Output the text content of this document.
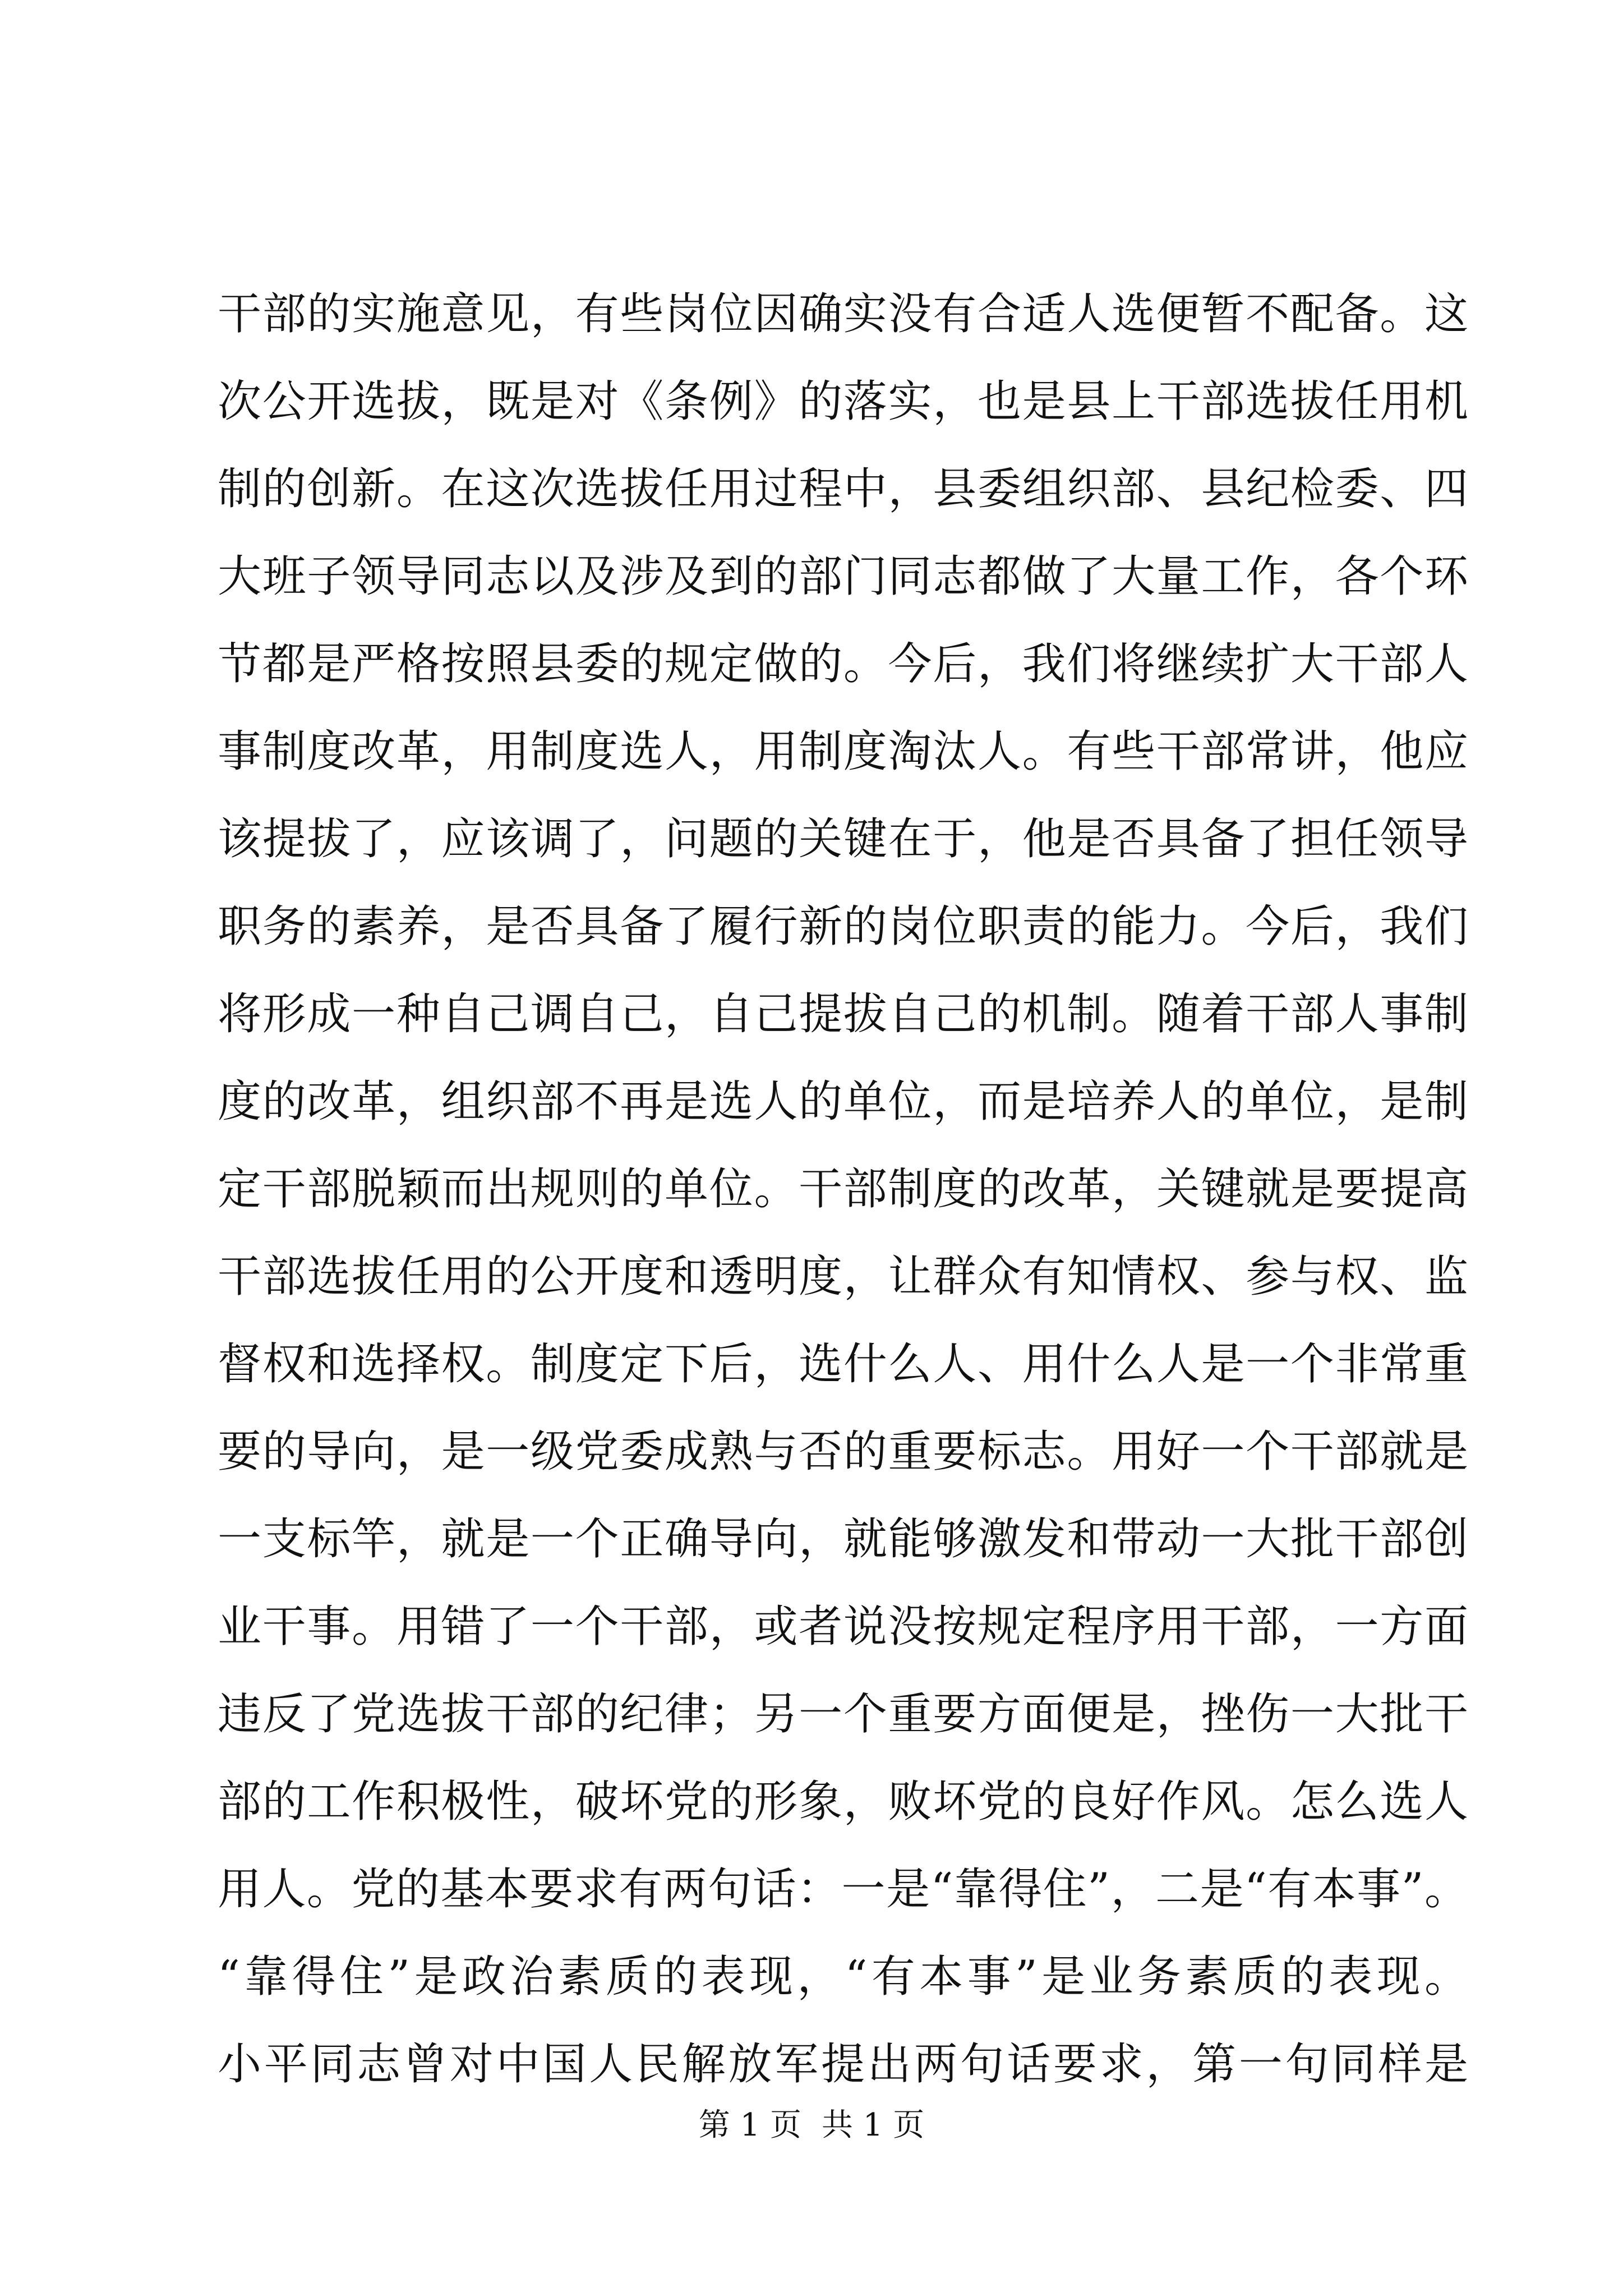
干部的实施意见，有些岗位因确实没有合适人选便暂不配备。这
次公开选拔，既是对《条例》的落实，也是县上干部选拔任用机
制的创新。在这次选拔任用过程中，县委组织部、县纪检委、四
大班子领导同志以及涉及到的部门同志都做了大量工作，各个环
节都是严格按照县委的规定做的。今后，我们将继续扩大干部人
事制度改革，用制度选人，用制度淘汰人。有些干部常讲，他应
该提拔了，应该调了，问题的关键在于，他是否具备了担任领导
职务的素养，是否具备了履行新的岗位职责的能力。今后，我们
将形成一种自己调自己，自己提拔自己的机制。随着干部人事制
度的改革，组织部不再是选人的单位，而是培养人的单位，是制
定干部脱颖而出规则的单位。干部制度的改革，关键就是要提高
干部选拔任用的公开度和透明度，让群众有知情权、参与权、监
督权和选择权。制度定下后，选什么人、用什么人是一个非常重
要的导向，是一级党委成熟与否的重要标志。用好一个干部就是
一支标竿，就是一个正确导向，就能够激发和带动一大批干部创
业干事。用错了一个干部，或者说没按规定程序用干部，一方面
违反了党选拔干部的纪律；另一个重要方面便是，挫伤一大批干
部的工作积极性，破坏党的形象，败坏党的良好作风。怎么选人
用人。党的基本要求有两句话：一是“靠得住”，二是“有本事”。
“靠得住”是政治素质的表现，“有本事”是业务素质的表现。
小平同志曾对中国人民解放军提出两句话要求，第一句同样是
第 1 页 共 1 页
